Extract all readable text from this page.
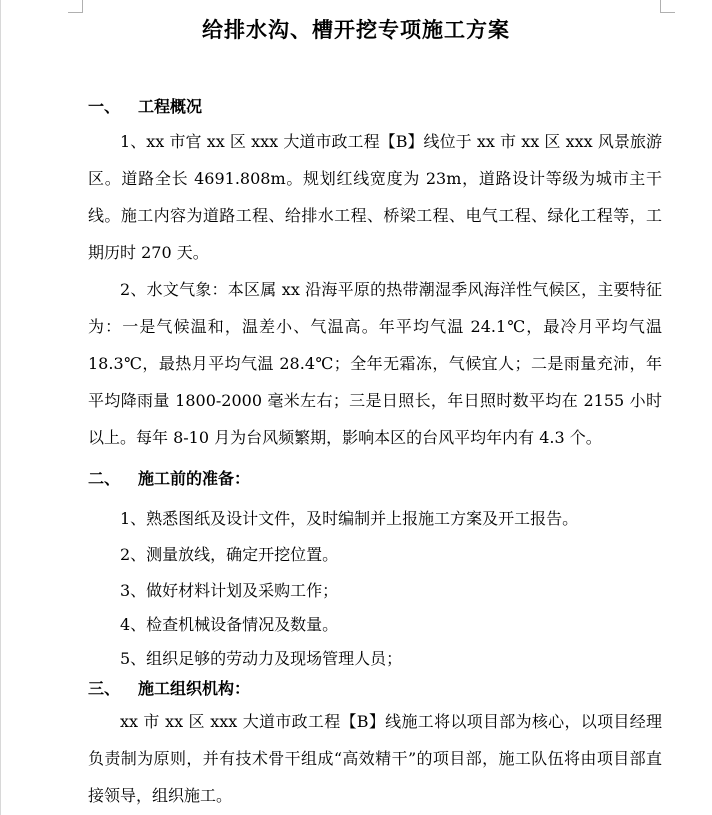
给排水沟、槽开挖专项施工方案
一、 工程概况

1、xx 市官 xx 区 xxx 大道市政工程【B】线位于 xx 市 xx 区 xxx 风景旅游区。道路全长 4691.808m。规划红线宽度为 23m，道路设计等级为城市主干线。施工内容为道路工程、给排水工程、桥梁工程、电气工程、绿化工程等，工期历时 270 天。

2、水文气象：本区属 xx 沿海平原的热带潮湿季风海洋性气候区，主要特征为：一是气候温和，温差小、气温高。年平均气温 24.1℃，最冷月平均气温 18.3℃，最热月平均气温 28.4℃；全年无霜冻，气候宜人；二是雨量充沛，年平均降雨量 1800-2000 毫米左右；三是日照长，年日照时数平均在 2155 小时以上。每年 8-10 月为台风频繁期，影响本区的台风平均年内有 4.3 个。

二、 施工前的准备：
1、熟悉图纸及设计文件，及时编制并上报施工方案及开工报告。
2、测量放线，确定开挖位置。
3、做好材料计划及采购工作；
4、检查机械设备情况及数量。
5、组织足够的劳动力及现场管理人员；
三、 施工组织机构：

xx 市 xx 区 xxx 大道市政工程【B】线施工将以项目部为核心，以项目经理负责制为原则，并有技术骨干组成“高效精干”的项目部，施工队伍将由项目部直接领导，组织施工。
